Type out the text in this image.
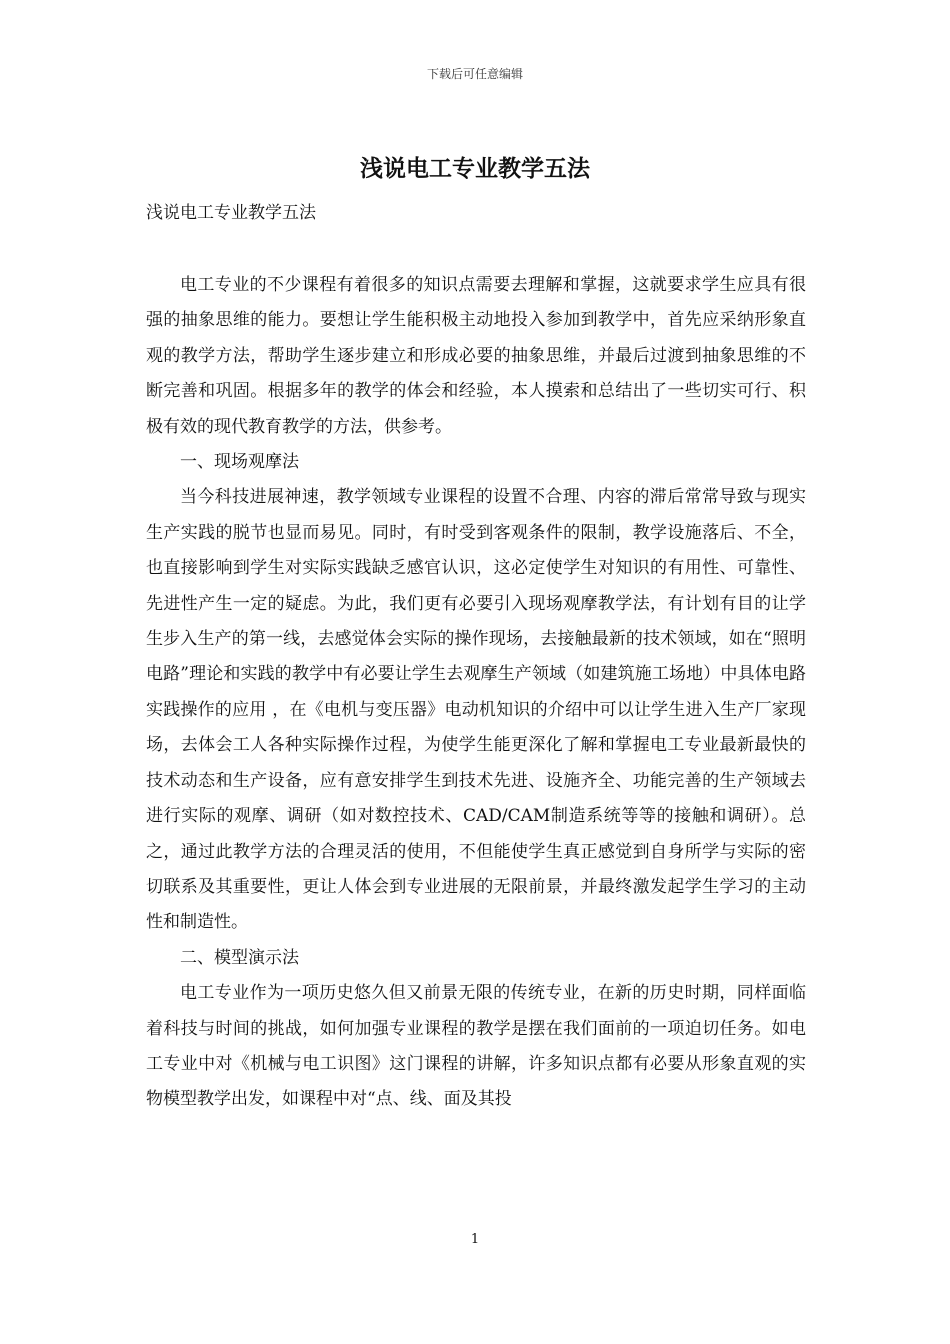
下载后可任意编辑
浅说电工专业教学五法
浅说电工专业教学五法

电工专业的不少课程有着很多的知识点需要去理解和掌握，这就要求学生应具有很强的抽象思维的能力。要想让学生能积极主动地投入参加到教学中，首先应采纳形象直观的教学方法，帮助学生逐步建立和形成必要的抽象思维，并最后过渡到抽象思维的不断完善和巩固。根据多年的教学的体会和经验，本人摸索和总结出了一些切实可行、积极有效的现代教育教学的方法，供参考。

一、现场观摩法

当今科技进展神速，教学领域专业课程的设置不合理、内容的滞后常常导致与现实生产实践的脱节也显而易见。同时，有时受到客观条件的限制，教学设施落后、不全，也直接影响到学生对实际实践缺乏感官认识，这必定使学生对知识的有用性、可靠性、先进性产生一定的疑虑。为此，我们更有必要引入现场观摩教学法，有计划有目的让学生步入生产的第一线，去感觉体会实际的操作现场，去接触最新的技术领域，如在“照明电路”理论和实践的教学中有必要让学生去观摩生产领域（如建筑施工场地）中具体电路实践操作的应用 ，在《电机与变压器》电动机知识的介绍中可以让学生进入生产厂家现场，去体会工人各种实际操作过程，为使学生能更深化了解和掌握电工专业最新最快的技术动态和生产设备，应有意安排学生到技术先进、设施齐全、功能完善的生产领域去进行实际的观摩、调研（如对数控技术、CAD/CAM制造系统等等的接触和调研）。总之，通过此教学方法的合理灵活的使用，不但能使学生真正感觉到自身所学与实际的密切联系及其重要性，更让人体会到专业进展的无限前景，并最终激发起学生学习的主动性和制造性。

二、模型演示法

电工专业作为一项历史悠久但又前景无限的传统专业，在新的历史时期，同样面临着科技与时间的挑战，如何加强专业课程的教学是摆在我们面前的一项迫切任务。如电工专业中对《机械与电工识图》这门课程的讲解，许多知识点都有必要从形象直观的实物模型教学出发，如课程中对“点、线、面及其投

1
